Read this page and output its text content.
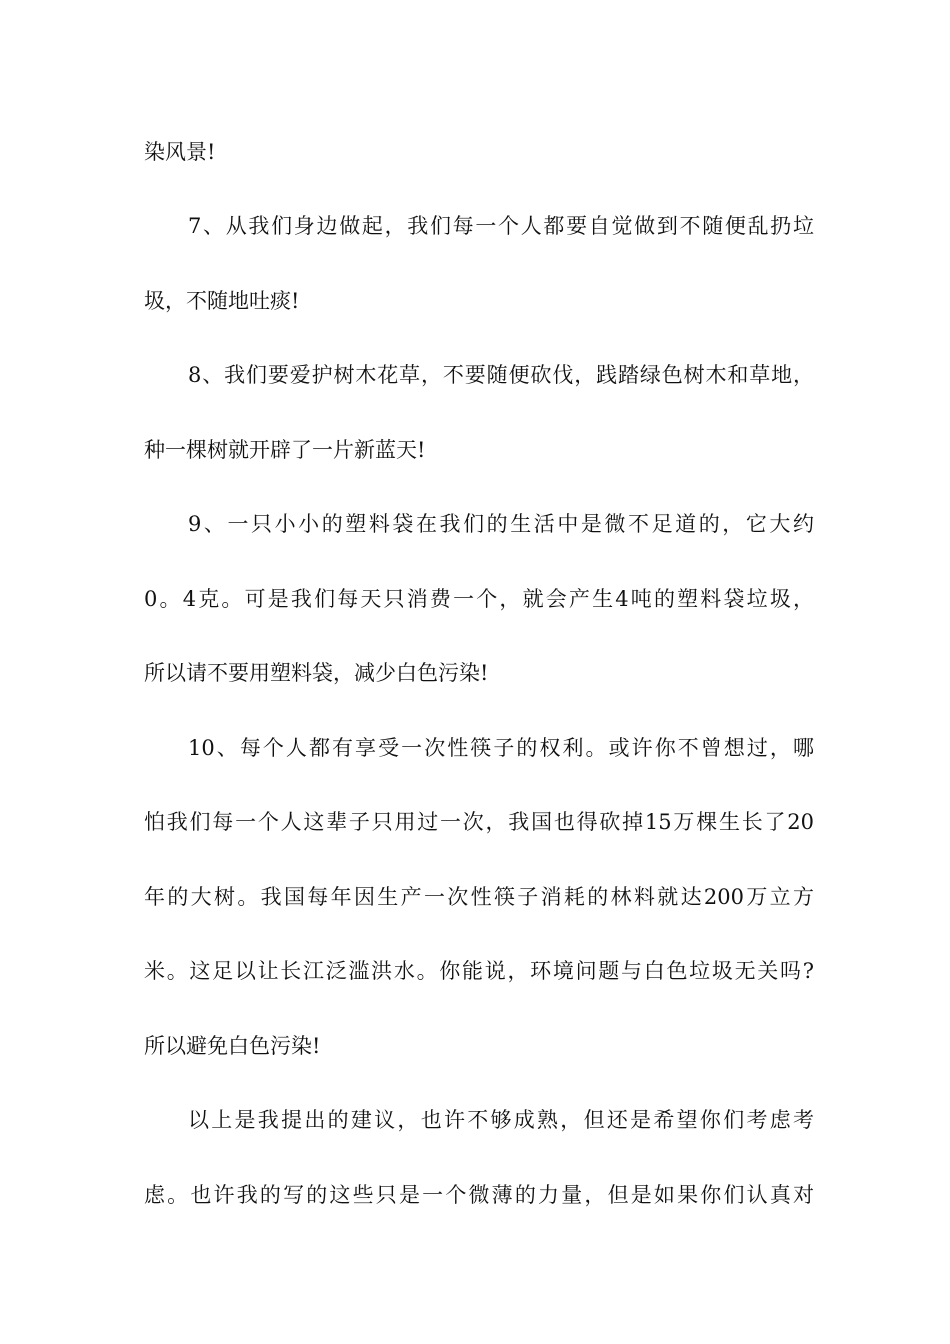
染风景!
7、从我们身边做起，我们每一个人都要自觉做到不随便乱扔垃
圾，不随地吐痰!
8、我们要爱护树木花草，不要随便砍伐，践踏绿色树木和草地，
种一棵树就开辟了一片新蓝天!
9、一只小小的塑料袋在我们的生活中是微不足道的，它大约
0。4克。可是我们每天只消费一个，就会产生4吨的塑料袋垃圾，
所以请不要用塑料袋，减少白色污染!
10、每个人都有享受一次性筷子的权利。或许你不曾想过，哪
怕我们每一个人这辈子只用过一次，我国也得砍掉15万棵生长了20
年的大树。我国每年因生产一次性筷子消耗的林料就达200万立方
米。这足以让长江泛滥洪水。你能说，环境问题与白色垃圾无关吗?
所以避免白色污染!
以上是我提出的建议，也许不够成熟，但还是希望你们考虑考
虑。也许我的写的这些只是一个微薄的力量，但是如果你们认真对
